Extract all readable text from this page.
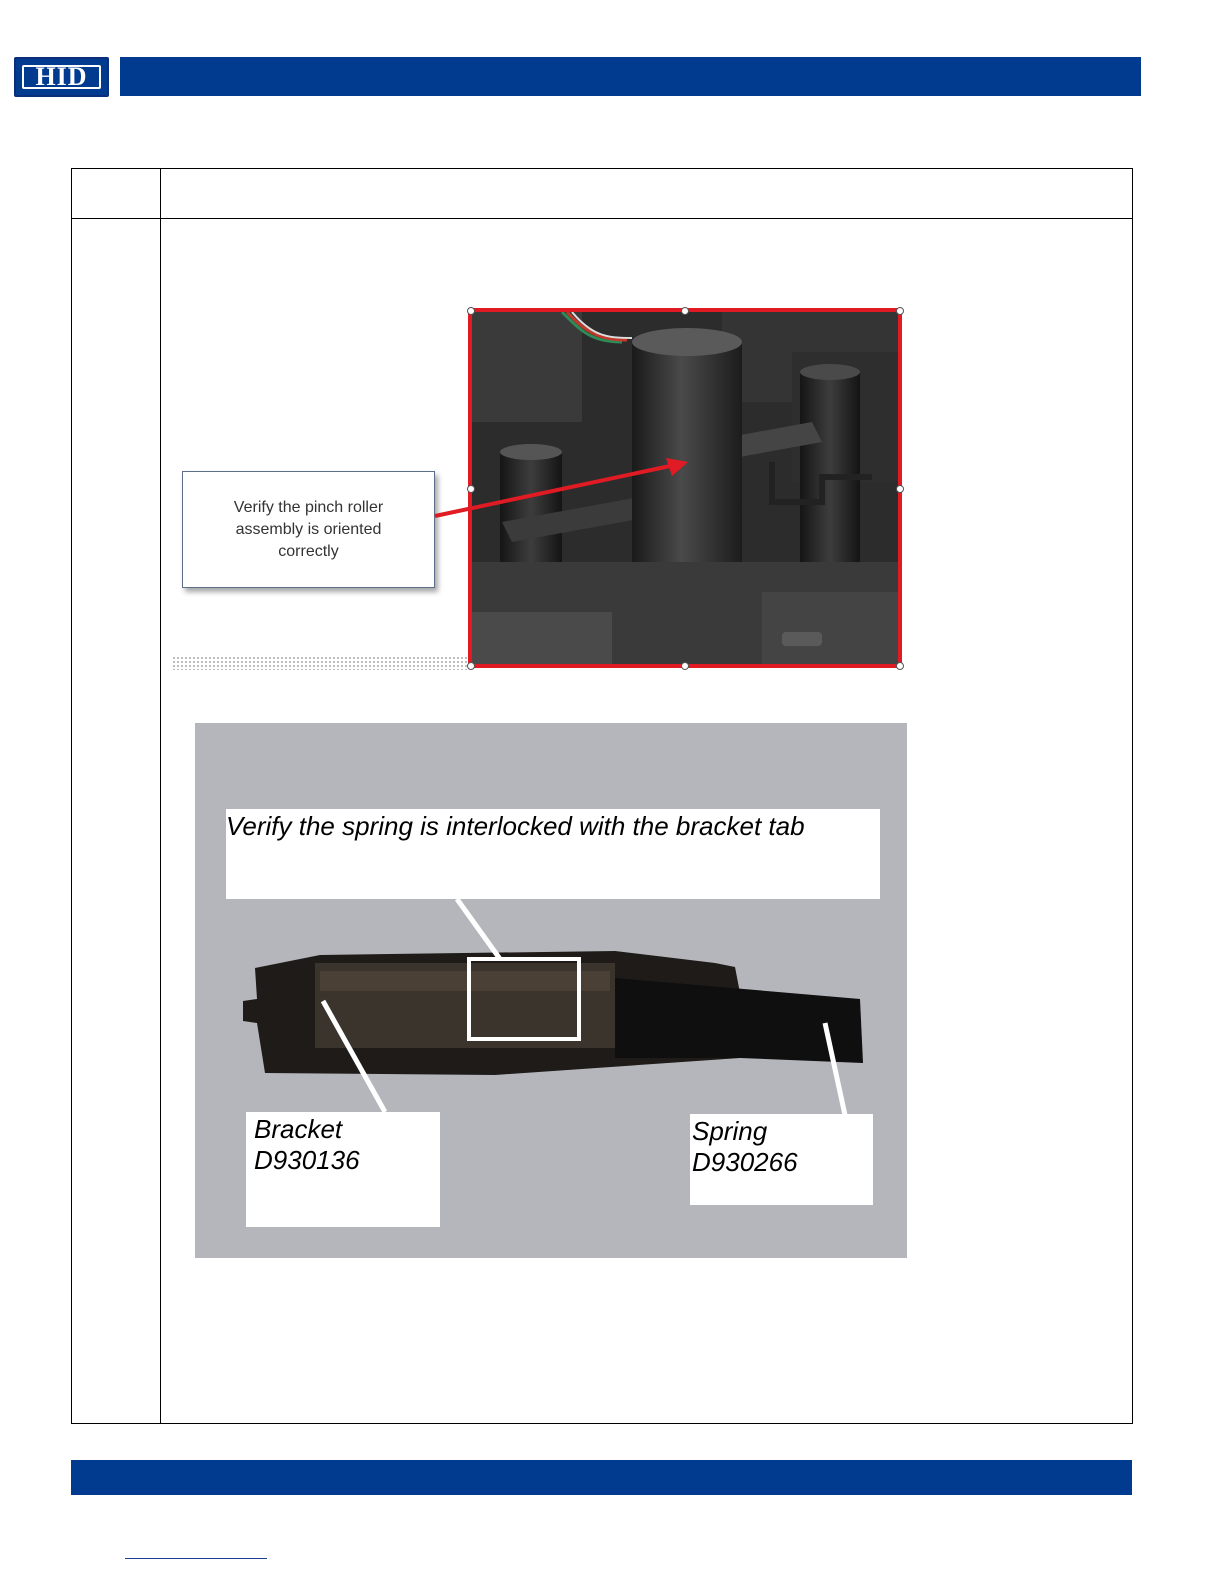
HID
Verify the pinch roller assembly is oriented correctly
Verify the spring is interlocked with the bracket tab
Bracket
D930136
Spring
D930266
